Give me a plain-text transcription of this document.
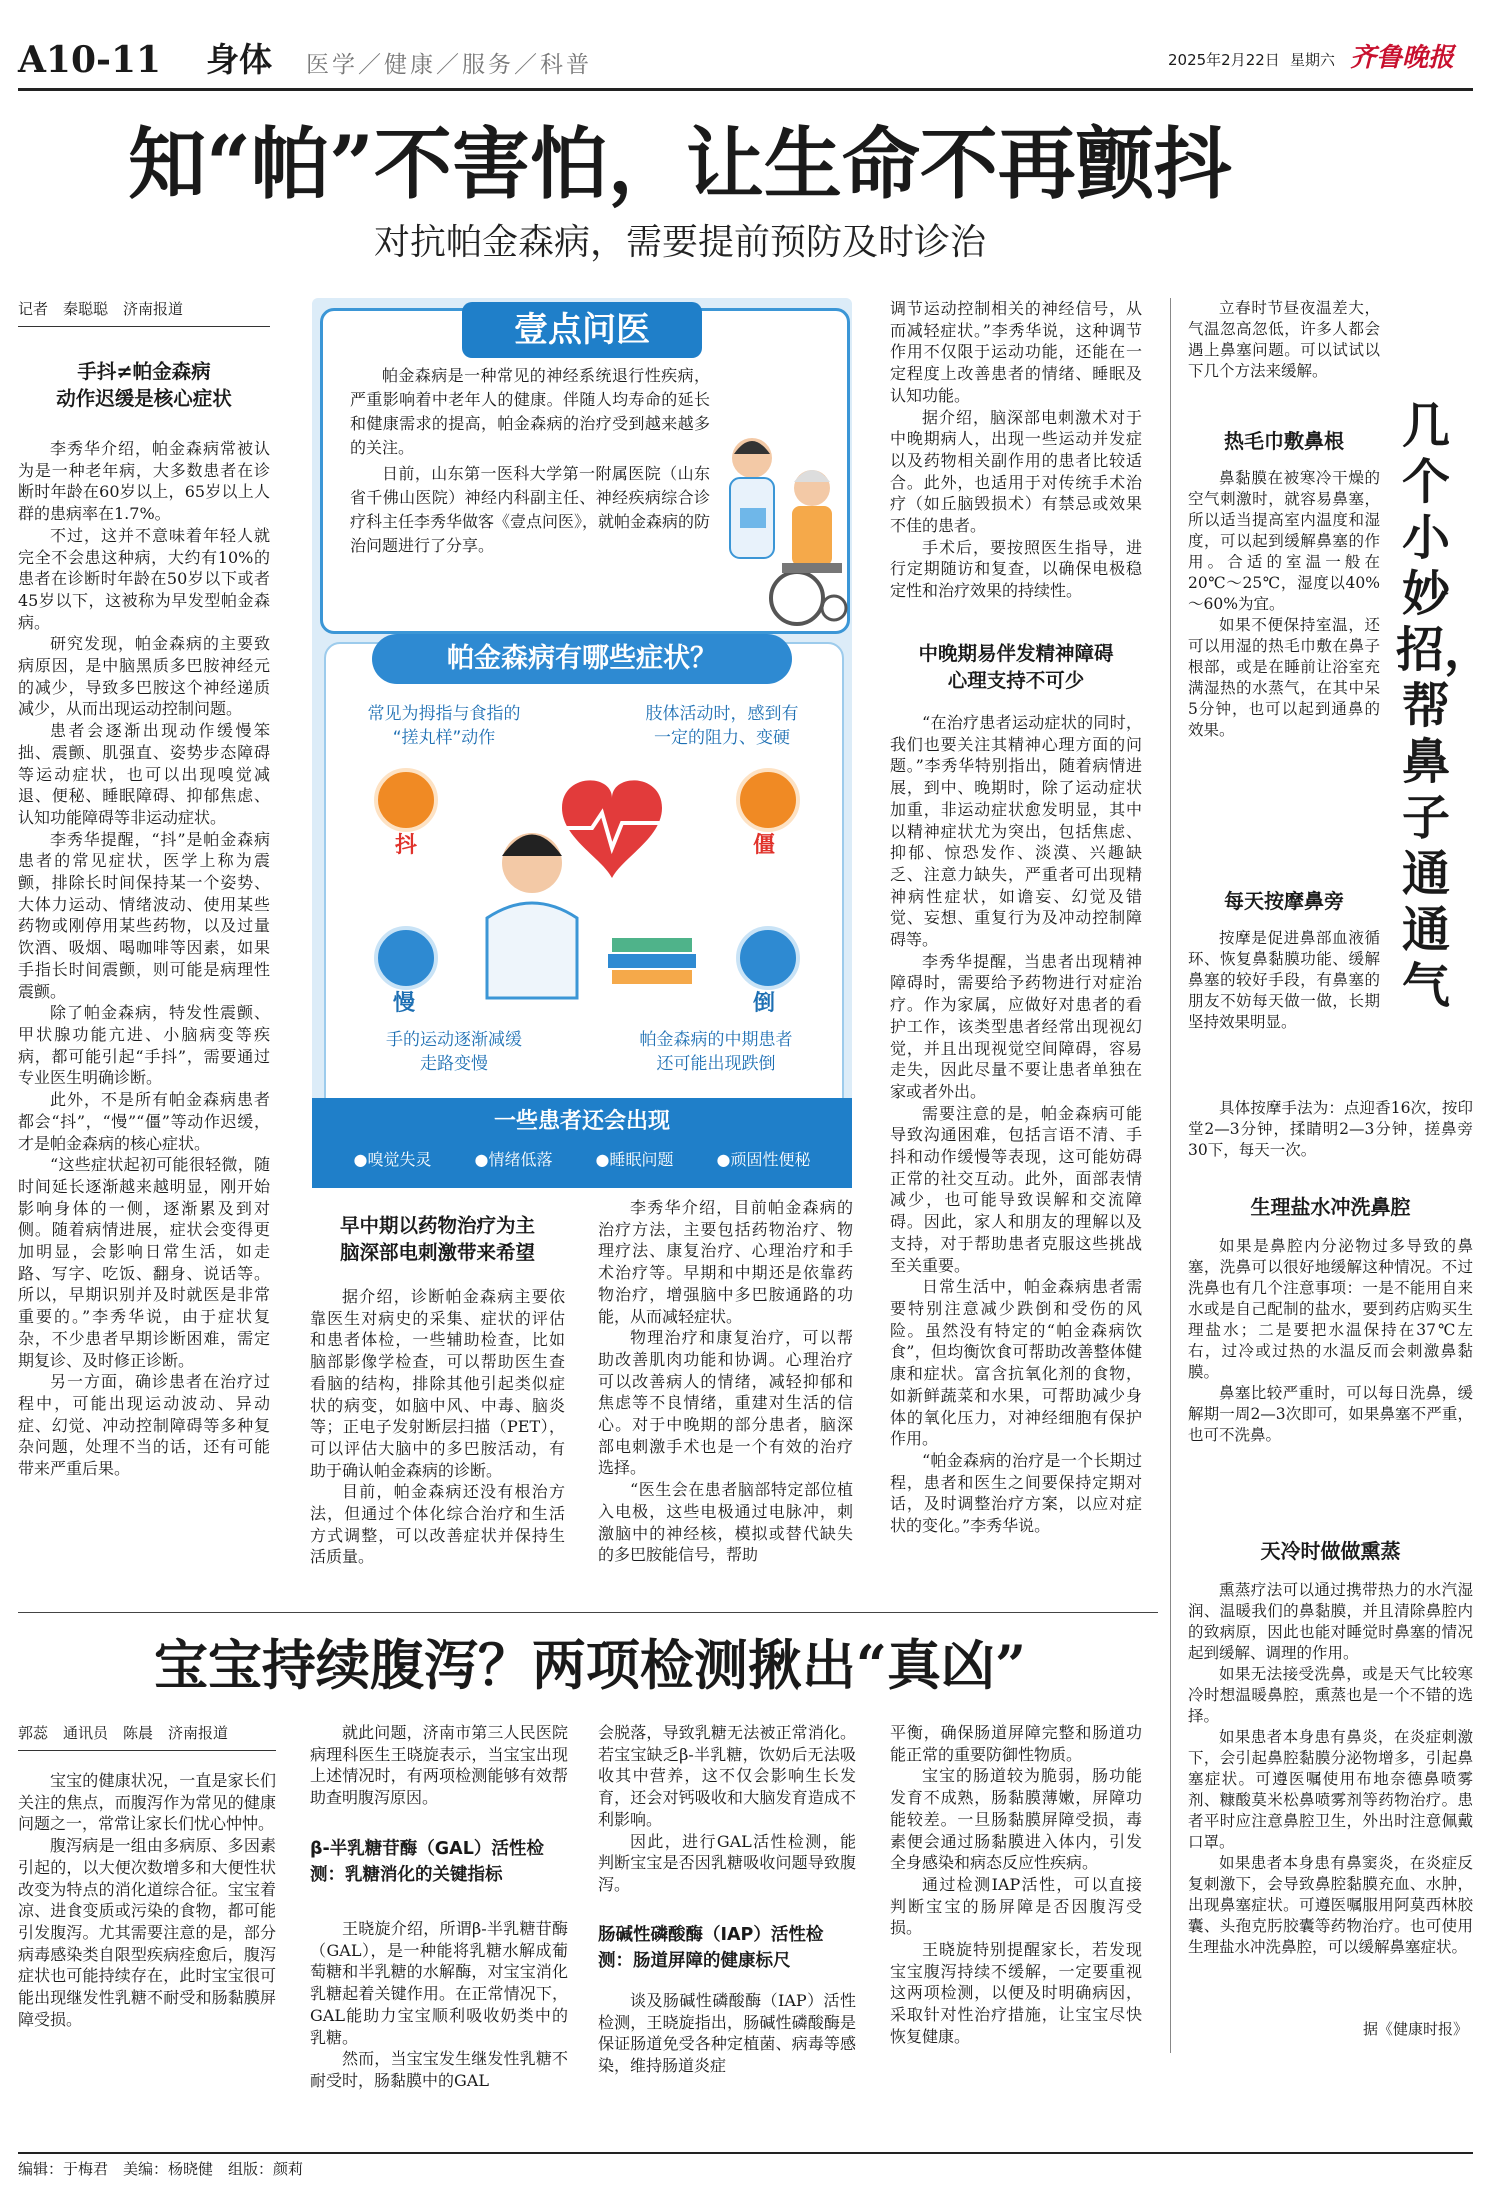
A10-11 身体 医学／健康／服务／科普	2025年2月22日 星期六 齐鲁晚报
知“帕”不害怕，让生命不再颤抖
对抗帕金森病，需要提前预防及时诊治
记者　秦聪聪　济南报道
手抖≠帕金森病
动作迟缓是核心症状

李秀华介绍，帕金森病常被认为是一种老年病，大多数患者在诊断时年龄在60岁以上，65岁以上人群的患病率在1.7%。

不过，这并不意味着年轻人就完全不会患这种病，大约有10%的患者在诊断时年龄在50岁以下或者45岁以下，这被称为早发型帕金森病。

研究发现，帕金森病的主要致病原因，是中脑黑质多巴胺神经元的减少，导致多巴胺这个神经递质减少，从而出现运动控制问题。

患者会逐渐出现动作缓慢笨拙、震颤、肌强直、姿势步态障碍等运动症状，也可以出现嗅觉减退、便秘、睡眠障碍、抑郁焦虑、认知功能障碍等非运动症状。

李秀华提醒，“抖”是帕金森病患者的常见症状，医学上称为震颤，排除长时间保持某一个姿势、大体力运动、情绪波动、使用某些药物或刚停用某些药物，以及过量饮酒、吸烟、喝咖啡等因素，如果手指长时间震颤，则可能是病理性震颤。

除了帕金森病，特发性震颤、甲状腺功能亢进、小脑病变等疾病，都可能引起“手抖”，需要通过专业医生明确诊断。

此外，不是所有帕金森病患者都会“抖”，“慢”“僵”等动作迟缓，才是帕金森病的核心症状。

“这些症状起初可能很轻微，随时间延长逐渐越来越明显，刚开始影响身体的一侧，逐渐累及到对侧。随着病情进展，症状会变得更加明显，会影响日常生活，如走路、写字、吃饭、翻身、说话等。所以，早期识别并及时就医是非常重要的。”李秀华说，由于症状复杂，不少患者早期诊断困难，需定期复诊、及时修正诊断。

另一方面，确诊患者在治疗过程中，可能出现运动波动、异动症、幻觉、冲动控制障碍等多种复杂问题，处理不当的话，还有可能带来严重后果。

壹点问医

帕金森病是一种常见的神经系统退行性疾病，严重影响着中老年人的健康。伴随人均寿命的延长和健康需求的提高，帕金森病的治疗受到越来越多的关注。

日前，山东第一医科大学第一附属医院（山东省千佛山医院）神经内科副主任、神经疾病综合诊疗科主任李秀华做客《壹点问医》，就帕金森病的防治问题进行了分享。

帕金森病有哪些症状？
常见为拇指与食指的
“搓丸样”动作
肢体活动时，感到有
一定的阻力、变硬
抖	僵
慢	倒
手的运动逐渐减缓
走路变慢
帕金森病的中期患者
还可能出现跌倒
一些患者还会出现
●嗅觉失灵	●情绪低落	●睡眠问题	●顽固性便秘
早中期以药物治疗为主
脑深部电刺激带来希望

据介绍，诊断帕金森病主要依靠医生对病史的采集、症状的评估和患者体检，一些辅助检查，比如脑部影像学检查，可以帮助医生查看脑的结构，排除其他引起类似症状的病变，如脑中风、中毒、脑炎等；正电子发射断层扫描（PET），可以评估大脑中的多巴胺活动，有助于确认帕金森病的诊断。

目前，帕金森病还没有根治方法，但通过个体化综合治疗和生活方式调整，可以改善症状并保持生活质量。

李秀华介绍，目前帕金森病的治疗方法，主要包括药物治疗、物理疗法、康复治疗、心理治疗和手术治疗等。早期和中期还是依靠药物治疗，增强脑中多巴胺通路的功能，从而减轻症状。

物理治疗和康复治疗，可以帮助改善肌肉功能和协调。心理治疗可以改善病人的情绪，减轻抑郁和焦虑等不良情绪，重建对生活的信心。对于中晚期的部分患者，脑深部电刺激手术也是一个有效的治疗选择。

“医生会在患者脑部特定部位植入电极，这些电极通过电脉冲，刺激脑中的神经核，模拟或替代缺失的多巴胺能信号，帮助

调节运动控制相关的神经信号，从而减轻症状。”李秀华说，这种调节作用不仅限于运动功能，还能在一定程度上改善患者的情绪、睡眠及认知功能。

据介绍，脑深部电刺激术对于中晚期病人，出现一些运动并发症以及药物相关副作用的患者比较适合。此外，也适用于对传统手术治疗（如丘脑毁损术）有禁忌或效果不佳的患者。

手术后，要按照医生指导，进行定期随访和复查，以确保电极稳定性和治疗效果的持续性。

中晚期易伴发精神障碍
心理支持不可少

“在治疗患者运动症状的同时，我们也要关注其精神心理方面的问题。”李秀华特别指出，随着病情进展，到中、晚期时，除了运动症状加重，非运动症状愈发明显，其中以精神症状尤为突出，包括焦虑、抑郁、惊恐发作、淡漠、兴趣缺乏、注意力缺失，严重者可出现精神病性症状，如谵妄、幻觉及错觉、妄想、重复行为及冲动控制障碍等。

李秀华提醒，当患者出现精神障碍时，需要给予药物进行对症治疗。作为家属，应做好对患者的看护工作，该类型患者经常出现视幻觉，并且出现视觉空间障碍，容易走失，因此尽量不要让患者单独在家或者外出。

需要注意的是，帕金森病可能导致沟通困难，包括言语不清、手抖和动作缓慢等表现，这可能妨碍正常的社交互动。此外，面部表情减少，也可能导致误解和交流障碍。因此，家人和朋友的理解以及支持，对于帮助患者克服这些挑战至关重要。

日常生活中，帕金森病患者需要特别注意减少跌倒和受伤的风险。虽然没有特定的“帕金森病饮食”，但均衡饮食可帮助改善整体健康和症状。富含抗氧化剂的食物，如新鲜蔬菜和水果，可帮助减少身体的氧化压力，对神经细胞有保护作用。

“帕金森病的治疗是一个长期过程，患者和医生之间要保持定期对话，及时调整治疗方案，以应对症状的变化。”李秀华说。

几个小妙招，帮鼻子通通气

立春时节昼夜温差大，气温忽高忽低，许多人都会遇上鼻塞问题。可以试试以下几个方法来缓解。

热毛巾敷鼻根

鼻黏膜在被寒冷干燥的空气刺激时，就容易鼻塞，所以适当提高室内温度和湿度，可以起到缓解鼻塞的作用。合适的室温一般在20℃～25℃，湿度以40%～60%为宜。

如果不便保持室温，还可以用湿的热毛巾敷在鼻子根部，或是在睡前让浴室充满湿热的水蒸气，在其中呆5分钟，也可以起到通鼻的效果。

每天按摩鼻旁

按摩是促进鼻部血液循环、恢复鼻黏膜功能、缓解鼻塞的较好手段，有鼻塞的朋友不妨每天做一做，长期坚持效果明显。

具体按摩手法为：点迎香16次，按印堂2—3分钟，揉睛明2—3分钟，搓鼻旁30下，每天一次。

生理盐水冲洗鼻腔

如果是鼻腔内分泌物过多导致的鼻塞，洗鼻可以很好地缓解这种情况。不过洗鼻也有几个注意事项：一是不能用自来水或是自己配制的盐水，要到药店购买生理盐水；二是要把水温保持在37℃左右，过冷或过热的水温反而会刺激鼻黏膜。

鼻塞比较严重时，可以每日洗鼻，缓解期一周2—3次即可，如果鼻塞不严重，也可不洗鼻。

天冷时做做熏蒸

熏蒸疗法可以通过携带热力的水汽湿润、温暖我们的鼻黏膜，并且清除鼻腔内的致病原，因此也能对睡觉时鼻塞的情况起到缓解、调理的作用。

如果无法接受洗鼻，或是天气比较寒冷时想温暖鼻腔，熏蒸也是一个不错的选择。

如果患者本身患有鼻炎，在炎症刺激下，会引起鼻腔黏膜分泌物增多，引起鼻塞症状。可遵医嘱使用布地奈德鼻喷雾剂、糠酸莫米松鼻喷雾剂等药物治疗。患者平时应注意鼻腔卫生，外出时注意佩戴口罩。

如果患者本身患有鼻窦炎，在炎症反复刺激下，会导致鼻腔黏膜充血、水肿，出现鼻塞症状。可遵医嘱服用阿莫西林胶囊、头孢克肟胶囊等药物治疗。也可使用生理盐水冲洗鼻腔，可以缓解鼻塞症状。

据《健康时报》
宝宝持续腹泻？两项检测揪出“真凶”
郭蕊　通讯员　陈晨　济南报道

宝宝的健康状况，一直是家长们关注的焦点，而腹泻作为常见的健康问题之一，常常让家长们忧心忡忡。

腹泻病是一组由多病原、多因素引起的，以大便次数增多和大便性状改变为特点的消化道综合征。宝宝着凉、进食变质或污染的食物，都可能引发腹泻。尤其需要注意的是，部分病毒感染类自限型疾病痊愈后，腹泻症状也可能持续存在，此时宝宝很可能出现继发性乳糖不耐受和肠黏膜屏障受损。

就此问题，济南市第三人民医院病理科医生王晓旋表示，当宝宝出现上述情况时，有两项检测能够有效帮助查明腹泻原因。

β-半乳糖苷酶（GAL）活性检测：乳糖消化的关键指标

王晓旋介绍，所谓β-半乳糖苷酶（GAL），是一种能将乳糖水解成葡萄糖和半乳糖的水解酶，对宝宝消化乳糖起着关键作用。在正常情况下，GAL能助力宝宝顺利吸收奶类中的乳糖。

然而，当宝宝发生继发性乳糖不耐受时，肠黏膜中的GAL

会脱落，导致乳糖无法被正常消化。若宝宝缺乏β-半乳糖，饮奶后无法吸收其中营养，这不仅会影响生长发育，还会对钙吸收和大脑发育造成不利影响。

因此，进行GAL活性检测，能判断宝宝是否因乳糖吸收问题导致腹泻。

肠碱性磷酸酶（IAP）活性检测：肠道屏障的健康标尺

谈及肠碱性磷酸酶（IAP）活性检测，王晓旋指出，肠碱性磷酸酶是保证肠道免受各种定植菌、病毒等感染，维持肠道炎症

平衡，确保肠道屏障完整和肠道功能正常的重要防御性物质。

宝宝的肠道较为脆弱，肠功能发育不成熟，肠黏膜薄嫩，屏障功能较差。一旦肠黏膜屏障受损，毒素便会通过肠黏膜进入体内，引发全身感染和病态反应性疾病。

通过检测IAP活性，可以直接判断宝宝的肠屏障是否因腹泻受损。

王晓旋特别提醒家长，若发现宝宝腹泻持续不缓解，一定要重视这两项检测，以便及时明确病因，采取针对性治疗措施，让宝宝尽快恢复健康。

编辑：于梅君　美编：杨晓健　组版：颜莉
